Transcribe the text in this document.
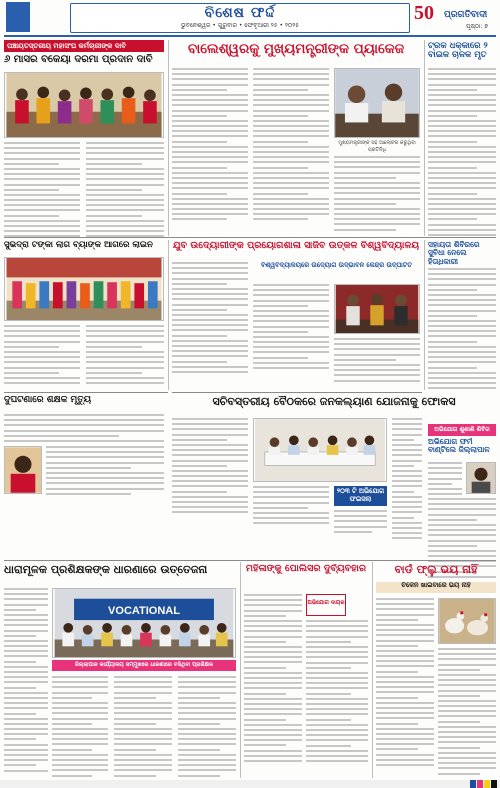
ବିଶେଷ ଫର୍ଦ୍ଦ
ଭୁବନେଶ୍ୱର • ଗୁରୁବାର • ଫେବୃଆରୀ ୨୫ • ୨୦୨୫
50 ପ୍ରଗତିବାଦୀ
ପୃଷ୍ଠା: ୭
ପଞ୍ଚାୟତସ୍ତରୀୟ ମହାସଂଘ କର୍ମଚାରୀଙ୍କ ଦାବି
୬ ମାସର ବକେୟା ଦରମା ପ୍ରଦାନ ଦାବି
ବାଲେଶ୍ୱରକୁ ମୁଖ୍ୟମନ୍ତ୍ରୀଙ୍କ ପ୍ୟାକେଜ
ମୁଖ୍ୟମନ୍ତ୍ରୀଙ୍କ ସହ ଆଲୋଚନା କରୁଥିବା ପ୍ରତିନିଧି
ଟ୍ରକ ଧକ୍କାରେ ୨ ବାଇକ ଚାଳକ ମୃତ
ସୁଭଦ୍ରା ଟଙ୍କା ଲାଗି ବ୍ୟାଙ୍କ ଆଗରେ ଲାଇନ	ଯୁବ ଉଦ୍ୟୋଗୀଙ୍କ ପ୍ରୟୋଗଶାଳା ସାଜିବ ଉତ୍କଳ ବିଶ୍ୱବିଦ୍ୟାଳୟ
ବିଶ୍ୱବିଦ୍ୟାଳୟରେ ଉଦ୍ୟୋଗ ଉଦ୍ଭାବନ କେନ୍ଦ୍ର ଉଦ୍‌ଘାଟିତ
ସହାୟତା ଶିବିରରେ ସୁବିଧା ନେଲେ ହିତାଧିକାରୀ
ଦୁର୍ଘଟଣାରେ ଶିକ୍ଷକ ମୃତ୍ୟୁ	ସଚିବସ୍ତରୀୟ ବୈଠକରେ ଜନକଲ୍ୟାଣ ଯୋଜନାକୁ ଫୋକସ
୨୦୩ ଟି ଅଭିଯୋଗ ଫଇସଲା
ଅଭିଯୋଗ ଶୁଣାଣି ଶିବିର
ଅଭିଯୋଗ ଫର୍ମ ବାଣ୍ଟିଲେ ଜିଲ୍ଲାପାଳ
ଧାରାମୂଳକ ପ୍ରଶିକ୍ଷକଙ୍କ ଧାରଣାରେ ଉତ୍ତେଜନା
VOCATIONAL
ଜିଲ୍ଲାପାଳ କାର୍ଯ୍ୟାଳୟ ସମ୍ମୁଖରେ ଧାରଣାରେ ବସିଥିବା ପ୍ରଶିକ୍ଷକ
ମହିଳାଙ୍କୁ ପୋଲିସର ଦୁର୍ବ୍ୟବହାର
ଅଭିଯୋଗ ଦାୟର
ବାର୍ଡ ଫ୍ଲୁ ଭୟ ନାହିଁ
ଚିକେନ ଖାଇବାରେ ଭୟ ନାହିଁ
